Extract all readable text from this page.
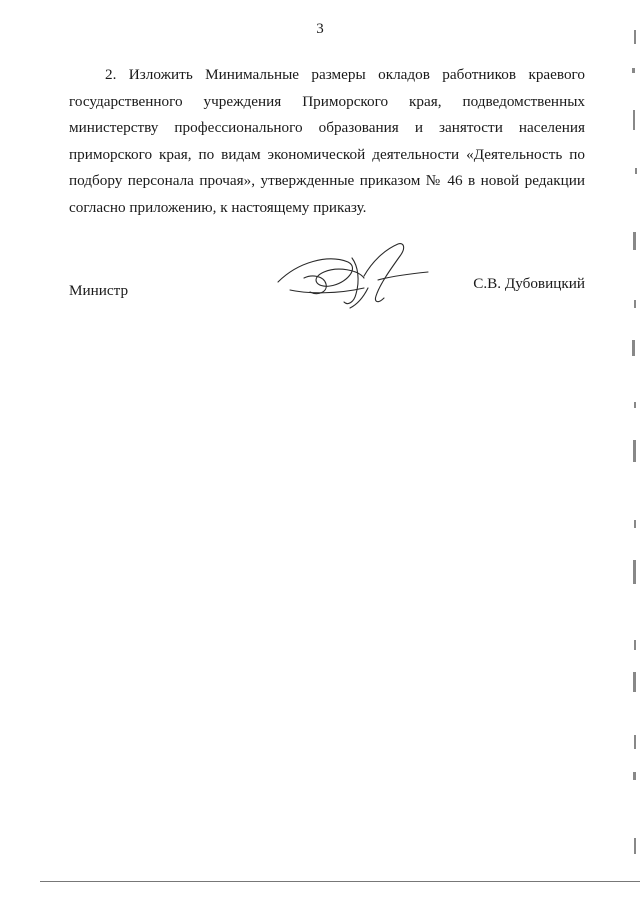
3

2. Изложить Минимальные размеры окладов работников краевого государственного учреждения Приморского края, подведомственных министерству профессионального образования и занятости населения приморского края, по видам экономической деятельности «Деятельность по подбору персонала прочая», утвержденные приказом № 46 в новой редакции согласно приложению, к настоящему приказу.

Министр	С.В. Дубовицкий
